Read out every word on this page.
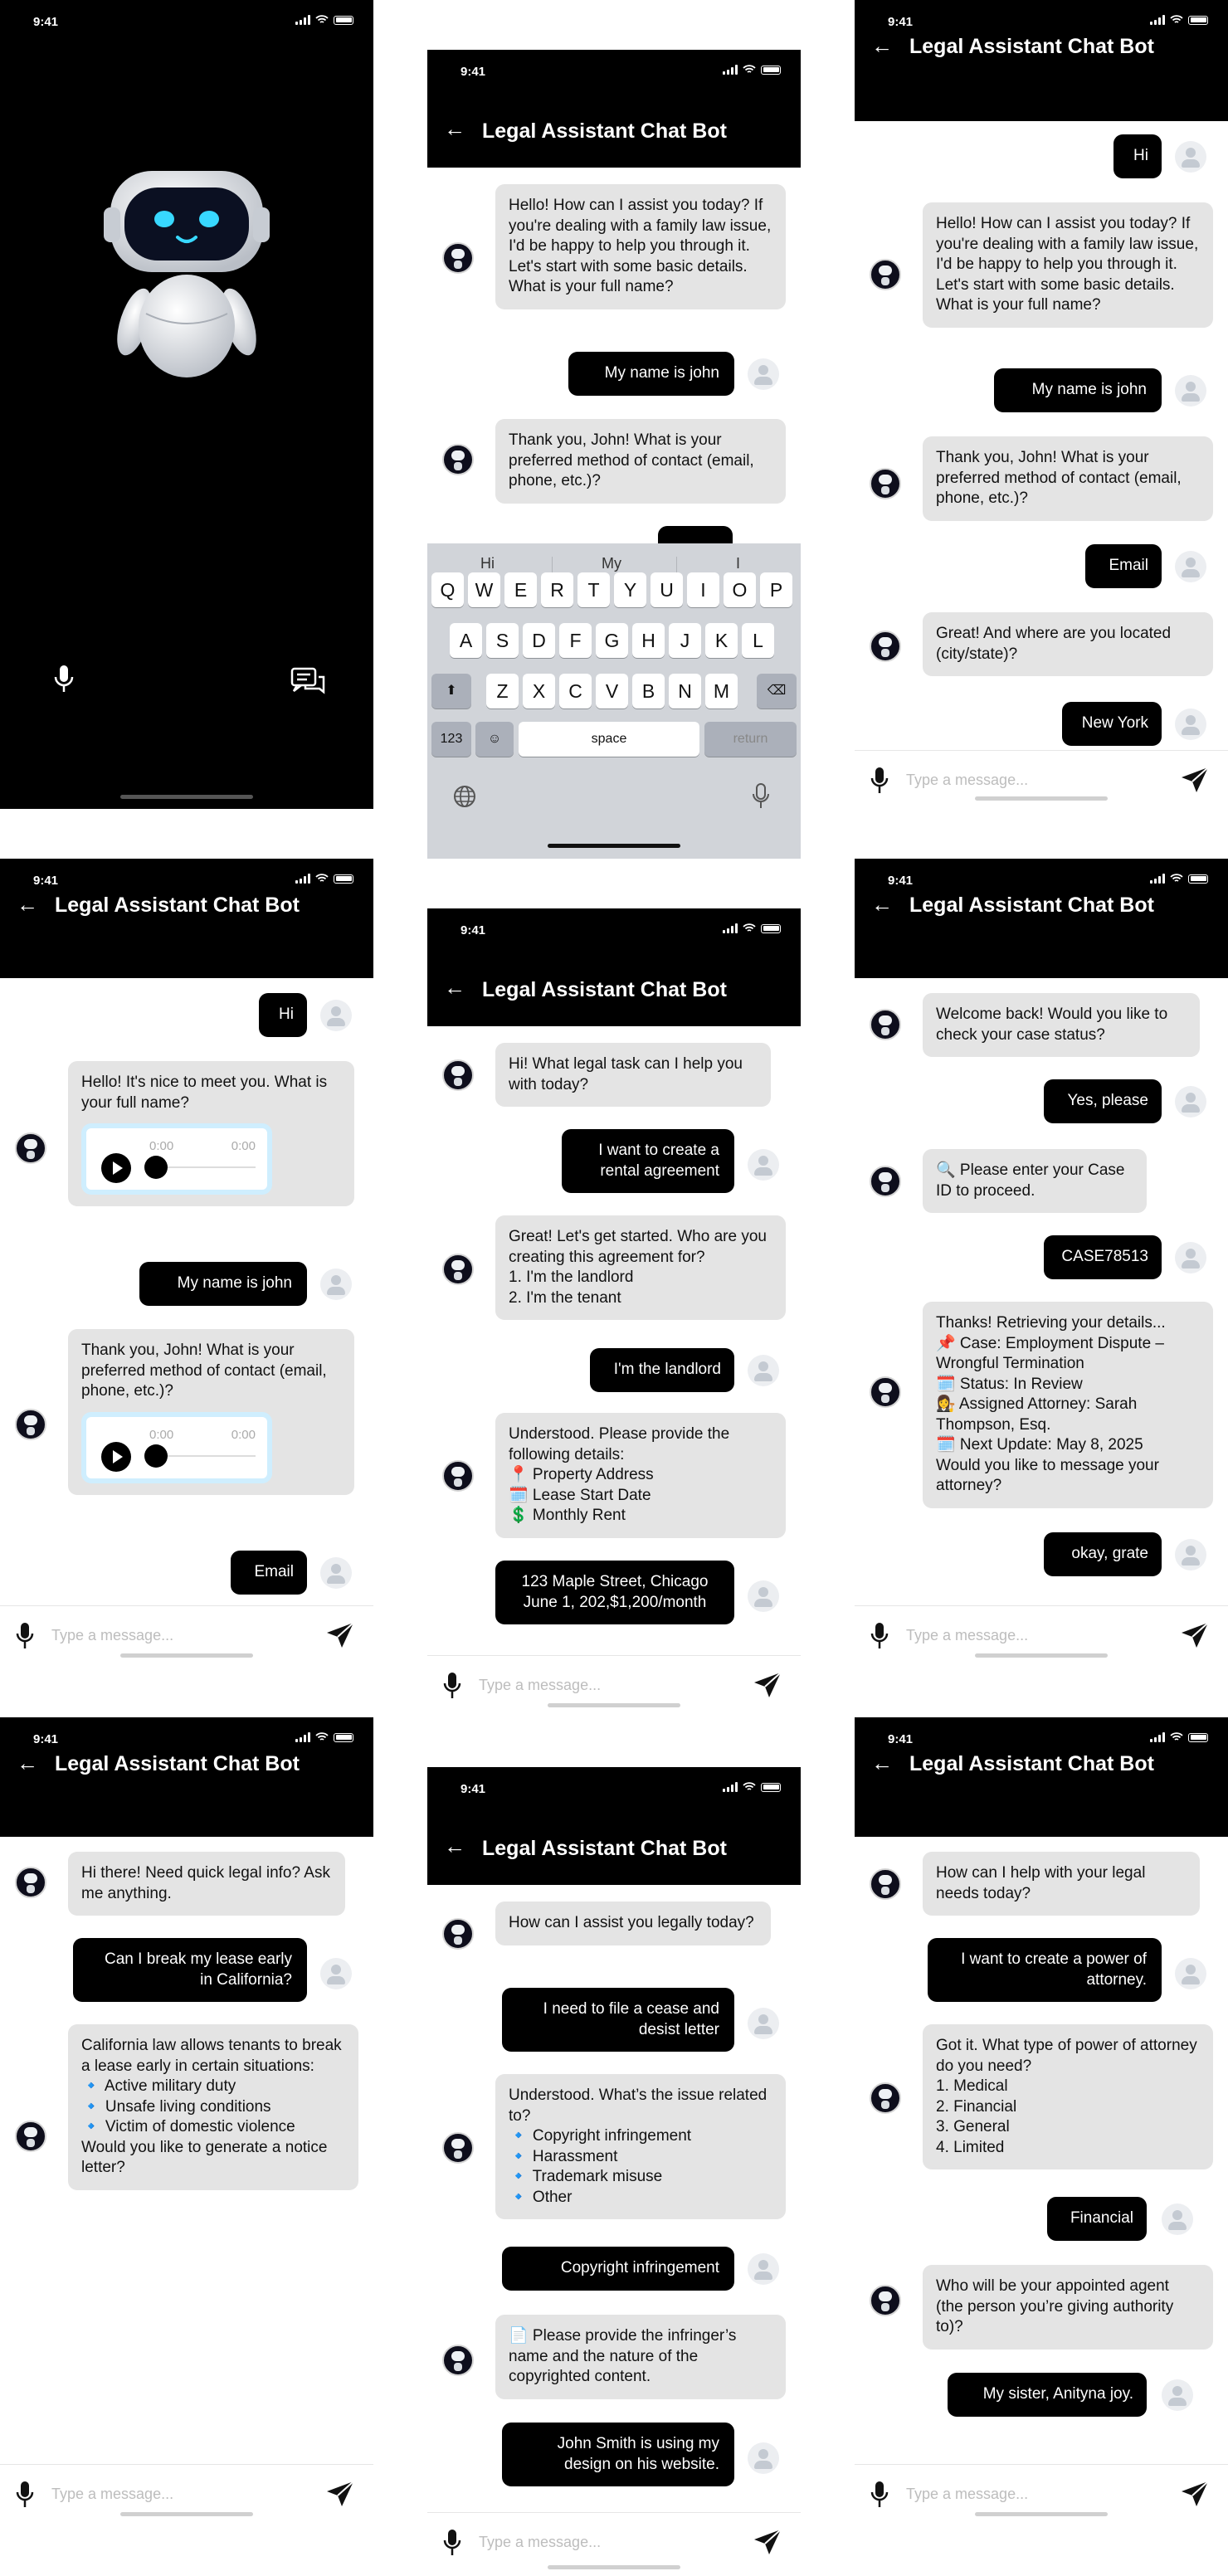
9:41
9:41
← Legal Assistant Chat Bot
Hello! How can I assist you today? If you're dealing with a family law issue, I'd be happy to help you through it. Let's start with some basic details. What is your full name?
My name is john
Thank you, John! What is your preferred method of contact (email, phone, etc.)?
Hi	My	I
Q	W	E	R	T	Y	U	I	O	P
A	S	D	F	G	H	J	K	L
Z	X	C	V	B	N	M
⬆	⌫
123	☺	space	return
9:41
← Legal Assistant Chat Bot
Hi
Hello! How can I assist you today? If you're dealing with a family law issue, I'd be happy to help you through it. Let's start with some basic details. What is your full name?
My name is john
Thank you, John! What is your preferred method of contact (email, phone, etc.)?
Email
Great! And where are you located (city/state)?
New York
Type a message...
9:41
← Legal Assistant Chat Bot
Hi
Hello! It's nice to meet you. What is your full name?
0:00	0:00
My name is john
Thank you, John! What is your preferred method of contact (email, phone, etc.)?
0:00	0:00
Email
Type a message...
9:41
← Legal Assistant Chat Bot
Hi! What legal task can I help you with today?
I want to create a rental agreement
Great! Let's get started. Who are you creating this agreement for?
1. I'm the landlord
2. I'm the tenant
I'm the landlord
Understood. Please provide the following details:
📍 Property Address
🗓️ Lease Start Date
💲 Monthly Rent
123 Maple Street, Chicago
June 1, 202,$1,200/month
Type a message...
9:41
← Legal Assistant Chat Bot
Welcome back! Would you like to check your case status?
Yes, please
🔍 Please enter your Case ID to proceed.
CASE78513
Thanks! Retrieving your details...
📌 Case: Employment Dispute – Wrongful Termination
🗓️ Status: In Review
👩‍⚖️ Assigned Attorney: Sarah Thompson, Esq.
🗓️ Next Update: May 8, 2025
Would you like to message your attorney?
okay, grate
Type a message...
9:41
← Legal Assistant Chat Bot
Hi there! Need quick legal info? Ask me anything.
Can I break my lease early in California?
California law allows tenants to break a lease early in certain situations:
🔹 Active military duty
🔹 Unsafe living conditions
🔹 Victim of domestic violence
Would you like to generate a notice letter?
Type a message...
9:41
← Legal Assistant Chat Bot
How can I assist you legally today?
I need to file a cease and desist letter
Understood. What’s the issue related to?
🔹 Copyright infringement
🔹 Harassment
🔹 Trademark misuse
🔹 Other
Copyright infringement
📄 Please provide the infringer’s name and the nature of the copyrighted content.
John Smith is using my design on his website.
Type a message...
9:41
← Legal Assistant Chat Bot
How can I help with your legal needs today?
I want to create a power of attorney.
Got it. What type of power of attorney do you need?
1. Medical
2. Financial
3. General
4. Limited
Financial
Who will be your appointed agent (the person you’re giving authority to)?
My sister, Anityna joy.
Type a message...
